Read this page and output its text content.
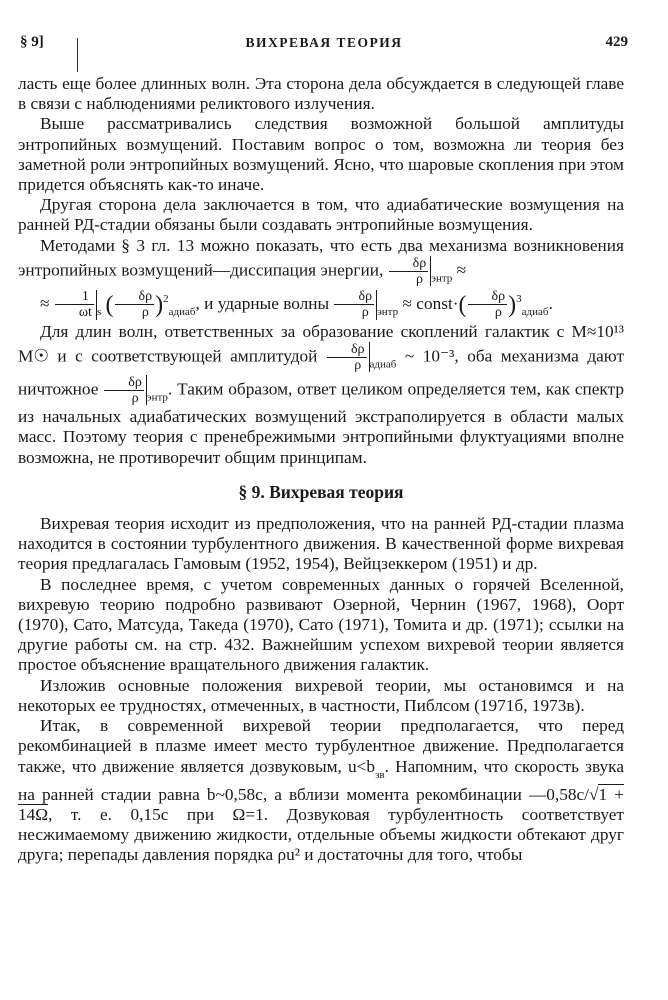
§ 9]	ВИХРЕВАЯ ТЕОРИЯ	429

ласть еще более длинных волн. Эта сторона дела обсуждается в следующей главе в связи с наблюдениями реликтового излучения.

Выше рассматривались следствия возможной большой амплитуды энтропийных возмущений. Поставим вопрос о том, возможна ли теория без заметной роли энтропийных возмущений. Ясно, что шаровые скопления при этом придется объяснять как-то иначе.

Другая сторона дела заключается в том, что адиабатические возмущения на ранней РД-стадии обязаны были создавать энтропийные возмущения.

Методами § 3 гл. 13 можно показать, что есть два механизма возникновения энтропийных возмущений—диссипация энергии, $\frac{\delta\rho}{\rho} _{энтр}$ ≈
≈ $\frac{1}{\omega t} _s$ ( $\frac{\delta\rho}{\rho} )^2_{адиаб}$, и ударные волны $\frac{\delta\rho}{\rho} _{энтр}$ ≈ const·( $\frac{\delta\rho}{\rho} )^3_{адиаб}$.

Для длин волн, ответственных за образование скоплений галактик с M≈10¹³ M☉ и с соответствующей амплитудой $\frac{\delta\rho}{\rho} _{адиаб}$ ~ 10⁻³, оба механизма дают ничтожное $\frac{\delta\rho}{\rho} _{энтр}$. Таким образом, ответ целиком определяется тем, как спектр из начальных адиабатических возмущений экстраполируется в области малых масс. Поэтому теория с пренебрежимыми энтропийными флуктуациями вполне возможна, не противоречит общим принципам.

§ 9. Вихревая теория

Вихревая теория исходит из предположения, что на ранней РД-стадии плазма находится в состоянии турбулентного движения. В качественной форме вихревая теория предлагалась Гамовым (1952, 1954), Вейцзеккером (1951) и др.

В последнее время, с учетом современных данных о горячей Вселенной, вихревую теорию подробно развивают Озерной, Чернин (1967, 1968), Оорт (1970), Сато, Матсуда, Такеда (1970), Сато (1971), Томита и др. (1971); ссылки на другие работы см. на стр. 432. Важнейшим успехом вихревой теории является простое объяснение вращательного движения галактик.

Изложив основные положения вихревой теории, мы остановимся и на некоторых ее трудностях, отмеченных, в частности, Пиблсом (1971б, 1973в).

Итак, в современной вихревой теории предполагается, что перед рекомбинацией в плазме имеет место турбулентное движение. Предполагается также, что движение является дозвуковым, $u<b_{зв}$. Напомним, что скорость звука на ранней стадии равна b~0,58c, а вблизи момента рекомбинации —0,58c/√1 + 14Ω, т. е. 0,15c при Ω=1. Дозвуковая турбулентность соответствует несжимаемому движению жидкости, отдельные объемы жидкости обтекают друг друга; перепады давления порядка ρu² и достаточны для того, чтобы
